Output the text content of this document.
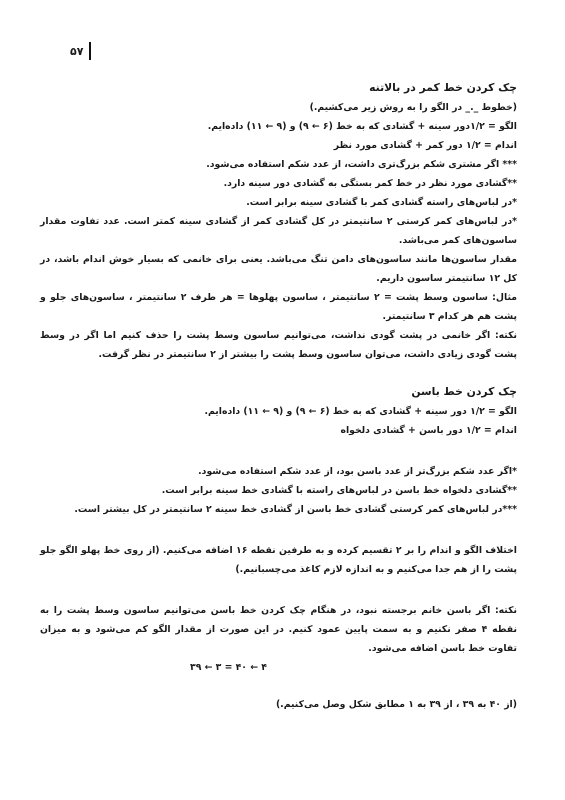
۵۷

چک کردن خط کمر در بالاتنه

(خطوط _._ در الگو را به روش زیر می‌کشیم.)

الگو = ۱/۲دور سینه + گشادی که به خط (۶ ← ۹) و (۹ ← ۱۱) داده‌ایم.

اندام = ۱/۲ دور کمر + گشادی مورد نظر

*** اگر مشتری شکم بزرگ‌تری داشت، از عدد شکم استفاده می‌شود.

**گشادی مورد نظر در خط کمر بستگی به گشادی دور سینه دارد.

*در لباس‌های راسته گشادی کمر با گشادی سینه برابر است.

*در لباس‌های کمر کرستی ۲ سانتیمتر در کل گشادی کمر از گشادی سینه کمتر است. عدد تفاوت مقدار ساسون‌های کمر می‌باشد.

مقدار ساسون‌ها مانند ساسون‌های دامن تنگ می‌باشد. یعنی برای خانمی که بسیار خوش اندام باشد، در کل ۱۲ سانتیمتر ساسون داریم.

مثال: ساسون وسط پشت = ۲ سانتیمتر ، ساسون پهلوها = هر طرف ۲ سانتیمتر ، ساسون‌های جلو و پشت هم هر کدام ۳ سانتیمتر.

نکته: اگر خانمی در پشت گودی نداشت، می‌توانیم ساسون وسط پشت را حذف کنیم اما اگر در وسط پشت گودی زیادی داشت، می‌توان ساسون وسط پشت را بیشتر از ۲ سانتیمتر در نظر گرفت.

چک کردن خط باسن

الگو = ۱/۲ دور سینه + گشادی که به خط (۶ ← ۹) و (۹ ← ۱۱) داده‌ایم.

اندام = ۱/۲ دور باسن + گشادی دلخواه

*اگر عدد شکم بزرگ‌تر از عدد باسن بود، از عدد شکم استفاده می‌شود.

**گشادی دلخواه خط باسن در لباس‌های راسته با گشادی خط سینه برابر است.

***در لباس‌های کمر کرستی گشادی خط باسن از گشادی خط سینه ۲ سانتیمتر در کل بیشتر است.

اختلاف الگو و اندام را بر ۲ تقسیم کرده و به طرفین نقطه ۱۶ اضافه می‌کنیم. (از روی خط پهلو الگو جلو پشت را از هم جدا می‌کنیم و به اندازه لازم کاغذ می‌چسبانیم.)

نکته: اگر باسن خانم برجسته نبود، در هنگام چک کردن خط باسن می‌توانیم ساسون وسط پشت را به نقطه ۴ صفر نکنیم و به سمت پایین عمود کنیم. در این صورت از مقدار الگو کم می‌شود و به میزان تفاوت خط باسن اضافه می‌شود.

۴ ← ۴۰ = ۳ ← ۳۹

(از ۴۰ به ۳۹ ، از ۳۹ به ۱ مطابق شکل وصل می‌کنیم.)
